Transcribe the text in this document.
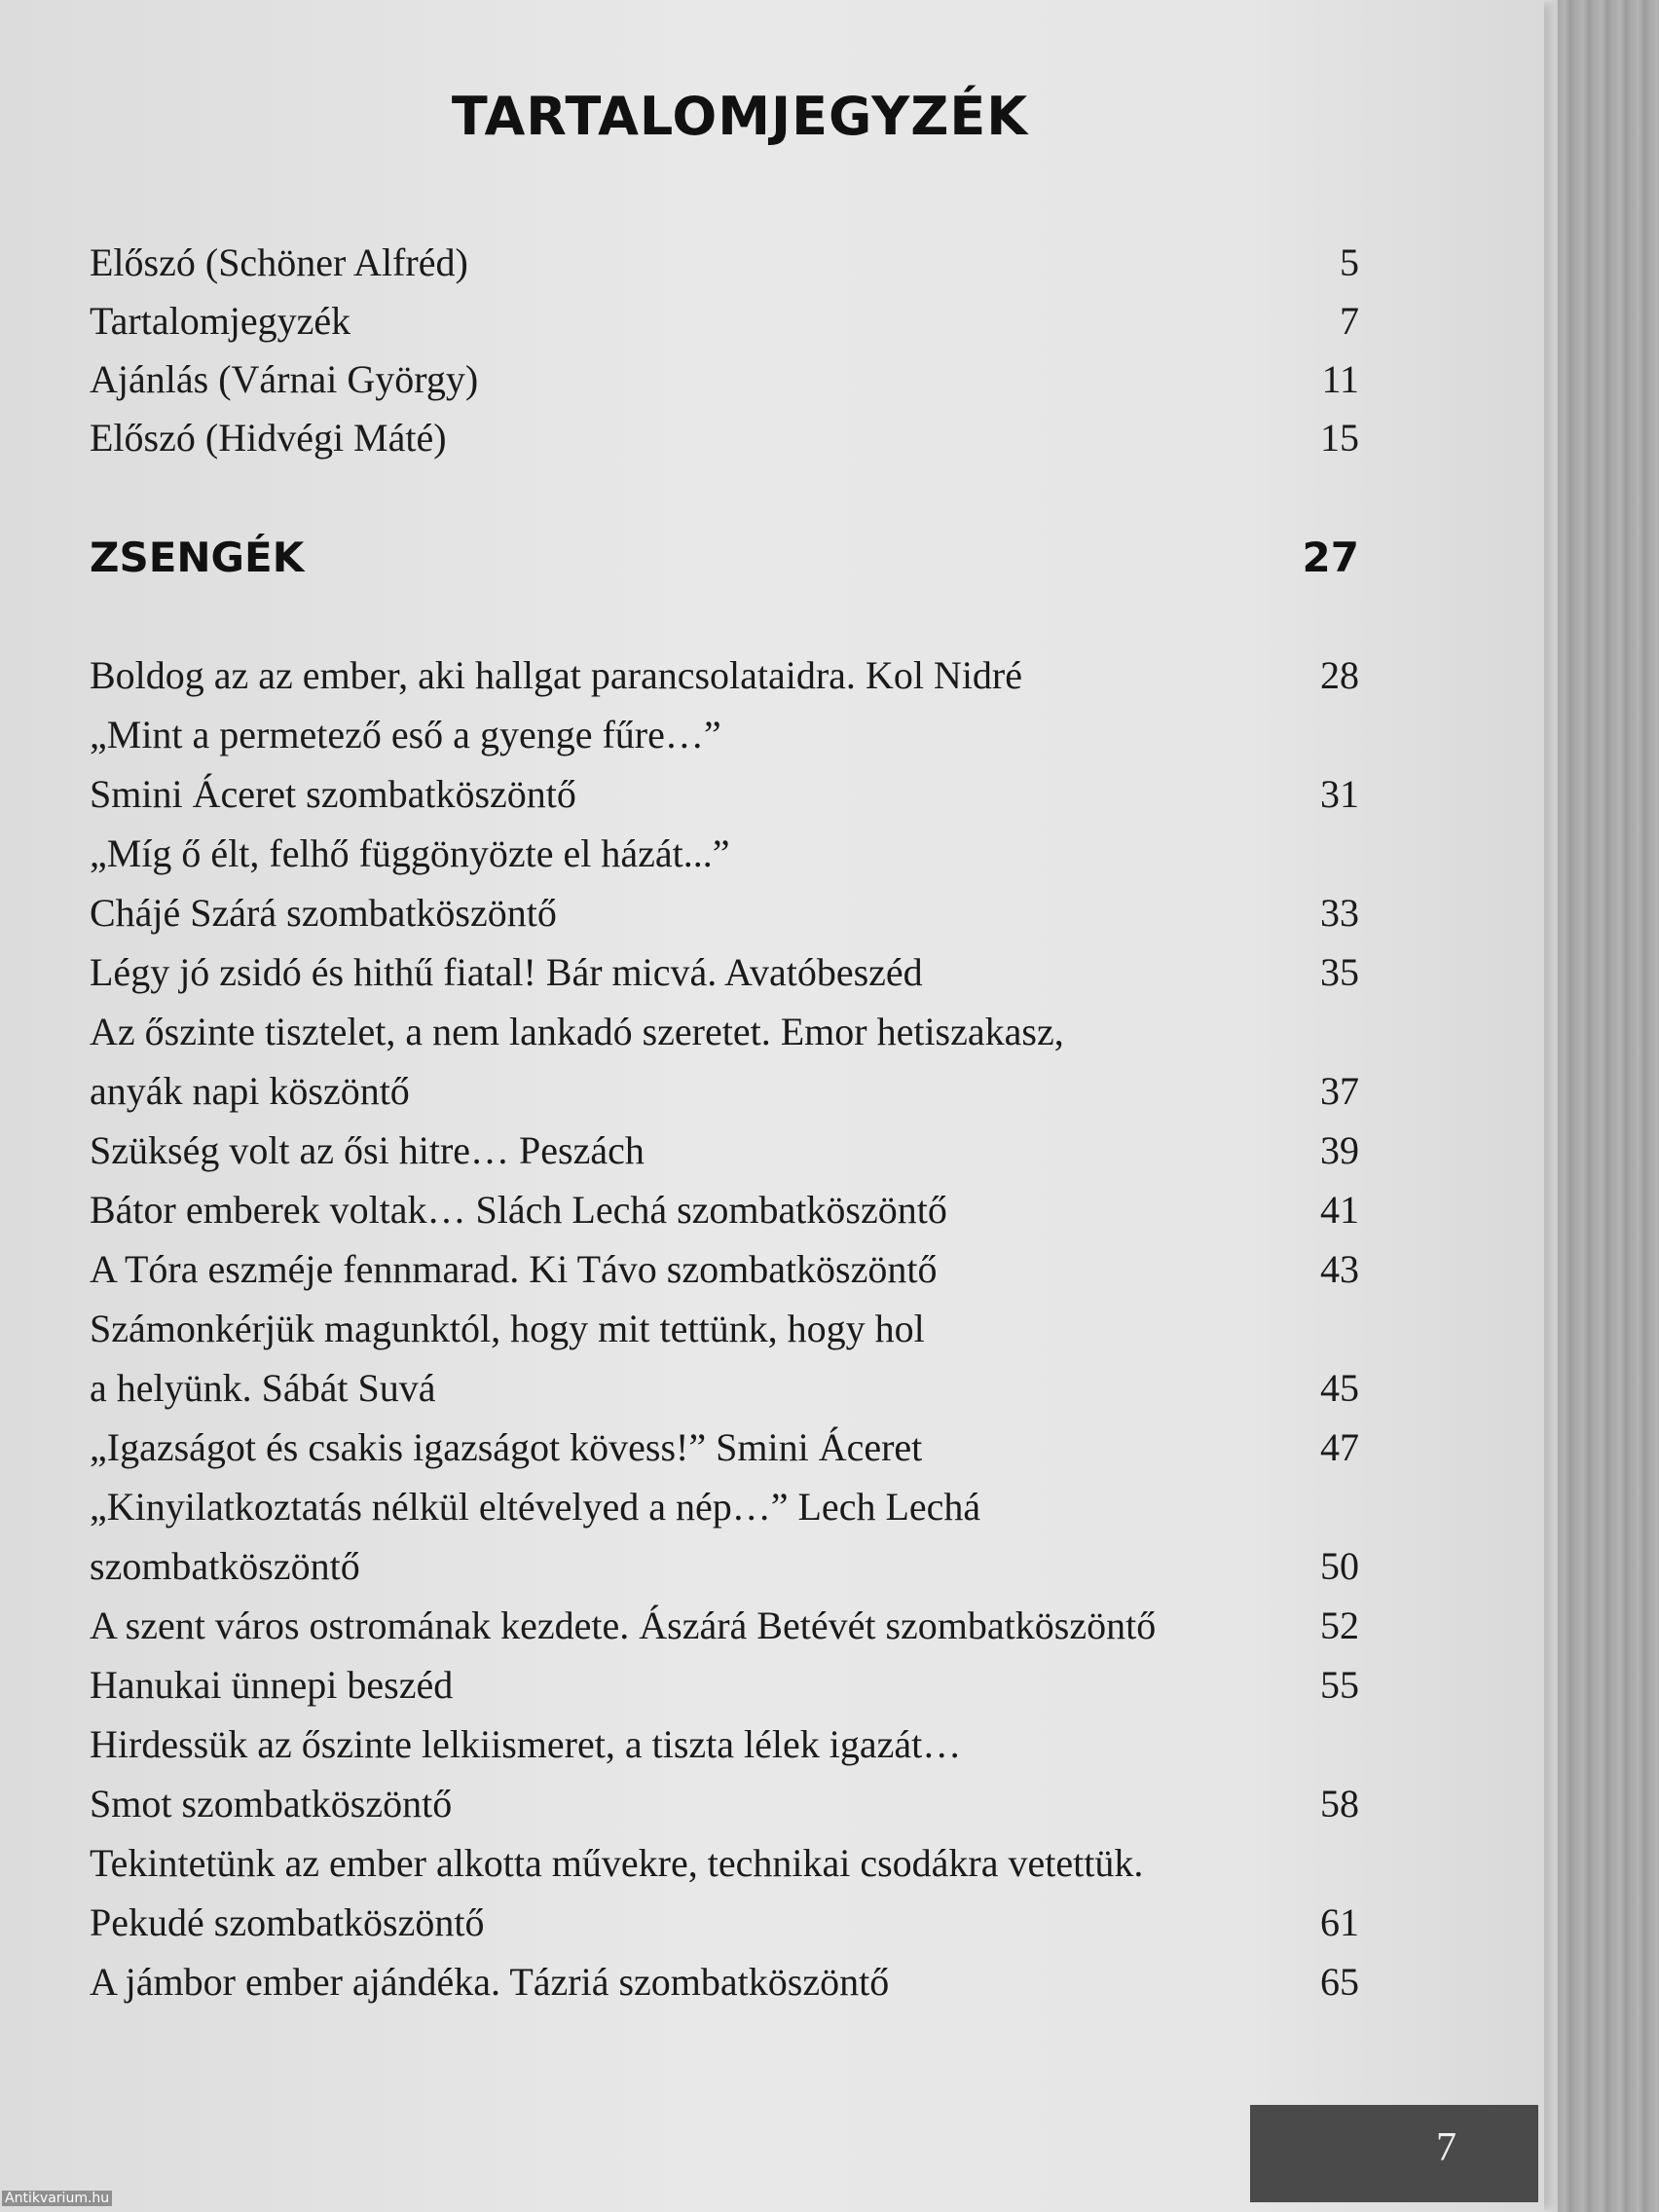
TARTALOMJEGYZÉK
Előszó (Schöner Alfréd)	5
Tartalomjegyzék	7
Ajánlás (Várnai György)	11
Előszó (Hidvégi Máté)	15
ZSENGÉK	27
Boldog az az ember, aki hallgat parancsolataidra. Kol Nidré	28
„Mint a permetező eső a gyenge fűre…”
Smini Áceret szombatköszöntő	31
„Míg ő élt, felhő függönyözte el házát...”
Chájé Szárá szombatköszöntő	33
Légy jó zsidó és hithű fiatal! Bár micvá. Avatóbeszéd	35
Az őszinte tisztelet, a nem lankadó szeretet. Emor hetiszakasz,
anyák napi köszöntő	37
Szükség volt az ősi hitre… Peszách	39
Bátor emberek voltak… Slách Lechá szombatköszöntő	41
A Tóra eszméje fennmarad. Ki Távo szombatköszöntő	43
Számonkérjük magunktól, hogy mit tettünk, hogy hol
a helyünk. Sábát Suvá	45
„Igazságot és csakis igazságot kövess!” Smini Áceret	47
„Kinyilatkoztatás nélkül eltévelyed a nép…” Lech Lechá
szombatköszöntő	50
A szent város ostromának kezdete. Ászárá Betévét szombatköszöntő	52
Hanukai ünnepi beszéd	55
Hirdessük az őszinte lelkiismeret, a tiszta lélek igazát…
Smot szombatköszöntő	58
Tekintetünk az ember alkotta művekre, technikai csodákra vetettük.
Pekudé szombatköszöntő	61
A jámbor ember ajándéka. Tázriá szombatköszöntő	65
7
Antikvarium.hu
